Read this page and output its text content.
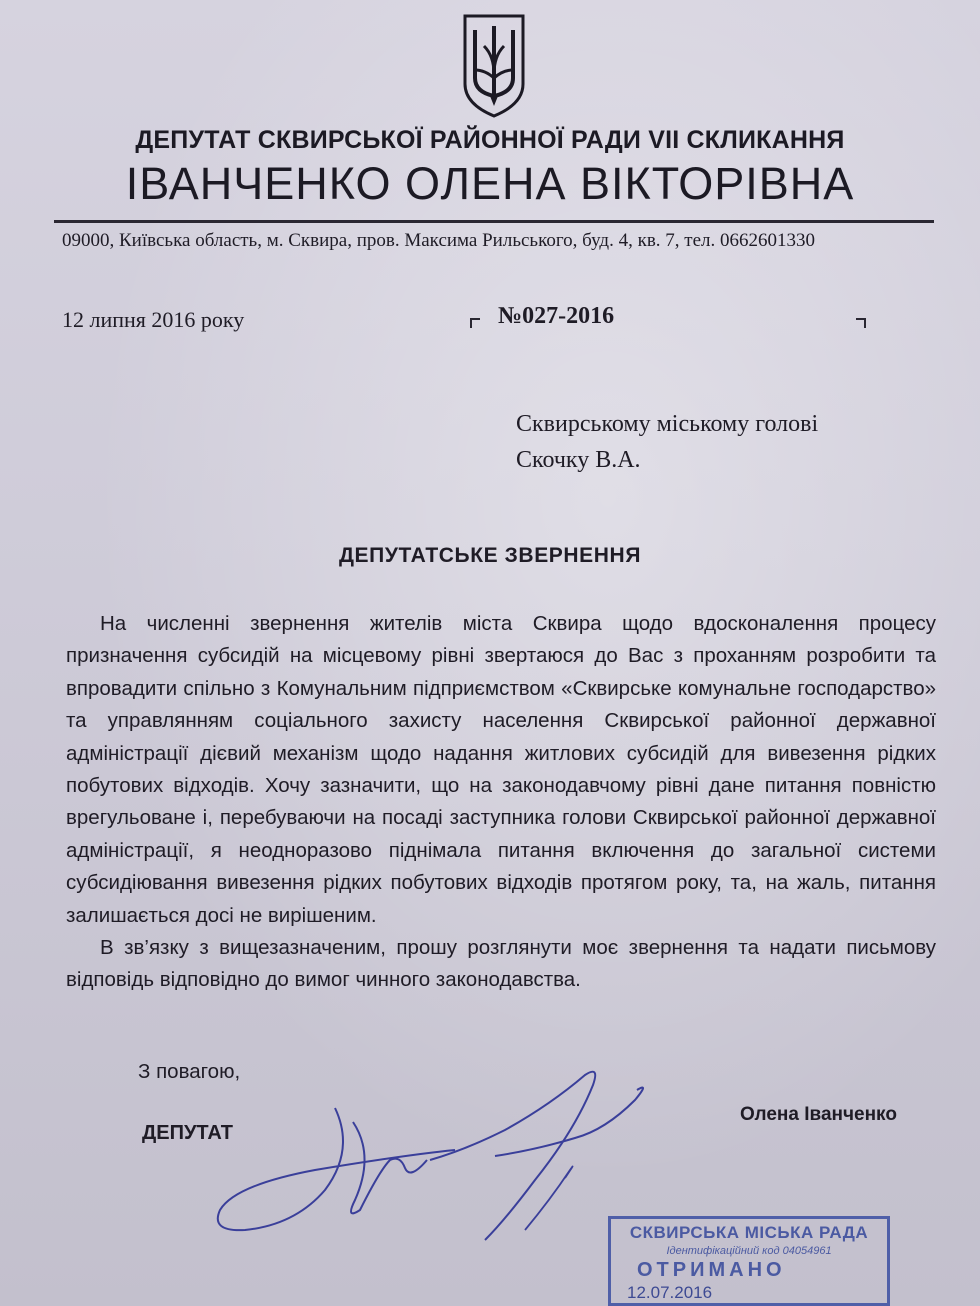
ДЕПУТАТ СКВИРСЬКОЇ РАЙОННОЇ РАДИ VII СКЛИКАННЯ
ІВАНЧЕНКО ОЛЕНА ВІКТОРІВНА
09000, Київська область, м. Сквира, пров. Максима Рильського, буд. 4, кв. 7, тел. 0662601330
12 липня 2016 року	№027-2016
Сквирському міському голові
Скочку В.А.
ДЕПУТАТСЬКЕ ЗВЕРНЕННЯ

На численні звернення жителів міста Сквира щодо вдосконалення процесу призначення субсидій на місцевому рівні звертаюся до Вас з проханням розробити та впровадити спільно з Комунальним підприємством «Сквирське комунальне господарство» та управлянням соціального захисту населення Сквирської районної державної адміністрації дієвий механізм щодо надання житлових субсидій для вивезення рідких побутових відходів. Хочу зазначити, що на законодавчому рівні дане питання повністю врегульоване і, перебуваючи на посаді заступника голови Сквирської районної державної адміністрації, я неодноразово піднімала питання включення до загальної системи субсидіювання вивезення рідких побутових відходів протягом року, та, на жаль, питання залишається досі не вирішеним.

В зв’язку з вищезазначеним, прошу розглянути моє звернення та надати письмову відповідь відповідно до вимог чинного законодавства.

З повагою,
ДЕПУТАТ
Олена Іванченко
СКВИРСЬКА МІСЬКА РАДА
Ідентифікаційний код 04054961
ОТРИМАНО
12.07.2016
